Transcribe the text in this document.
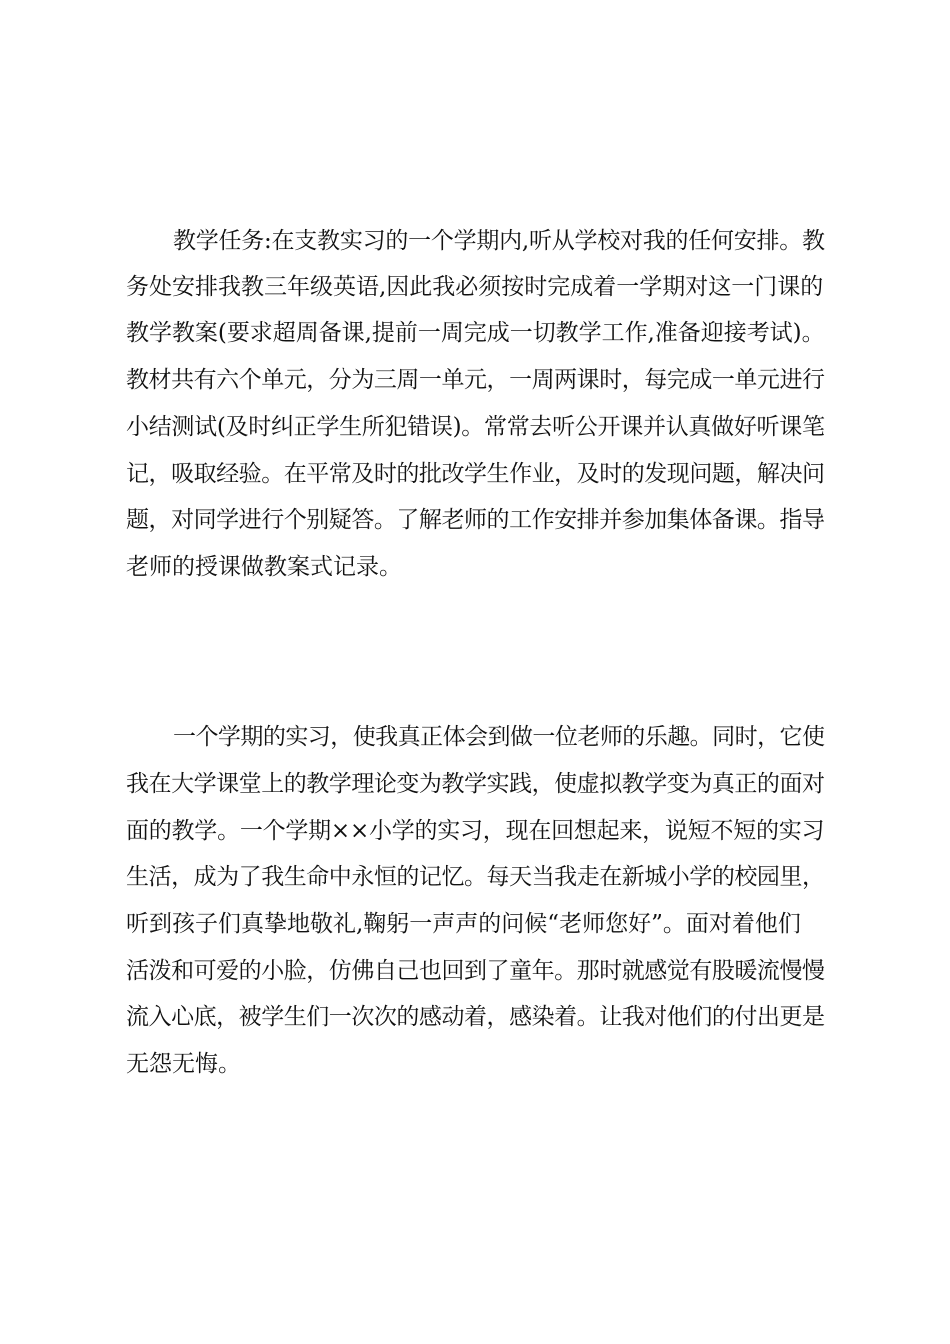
教学任务:在支教实习的一个学期内,听从学校对我的任何安排。教
务处安排我教三年级英语,因此我必须按时完成着一学期对这一门课的
教学教案(要求超周备课,提前一周完成一切教学工作,准备迎接考试)。
教材共有六个单元，分为三周一单元，一周两课时，每完成一单元进行
小结测试(及时纠正学生所犯错误)。常常去听公开课并认真做好听课笔
记，吸取经验。在平常及时的批改学生作业，及时的发现问题，解决问
题，对同学进行个别疑答。了解老师的工作安排并参加集体备课。指导
老师的授课做教案式记录。
一个学期的实习，使我真正体会到做一位老师的乐趣。同时，它使
我在大学课堂上的教学理论变为教学实践，使虚拟教学变为真正的面对
面的教学。一个学期××小学的实习，现在回想起来，说短不短的实习
生活，成为了我生命中永恒的记忆。每天当我走在新城小学的校园里，
听到孩子们真挚地敬礼,鞠躬一声声的问候“老师您好”。面对着他们
活泼和可爱的小脸，仿佛自己也回到了童年。那时就感觉有股暖流慢慢
流入心底，被学生们一次次的感动着，感染着。让我对他们的付出更是
无怨无悔。
